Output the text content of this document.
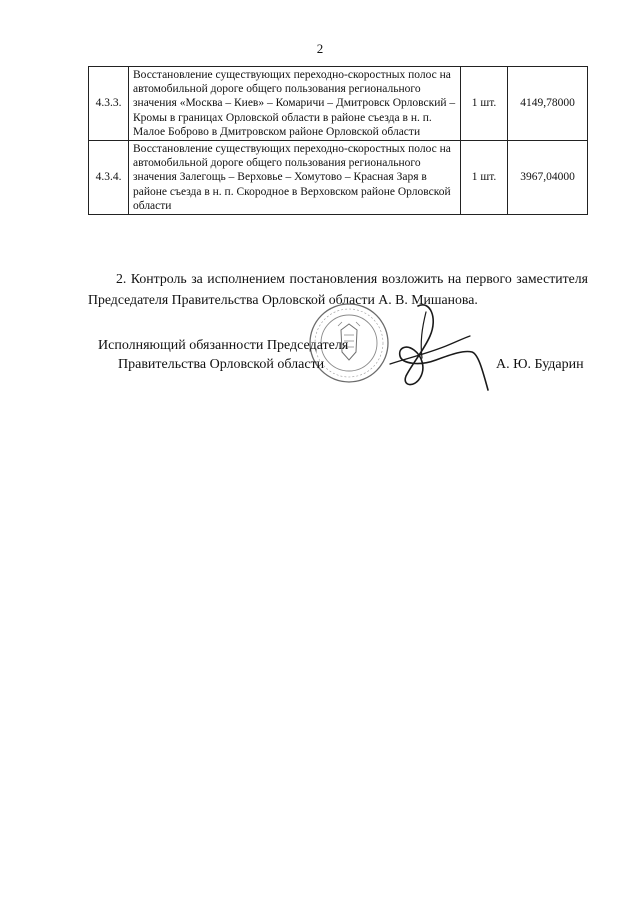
2
4.3.3.	Восстановление существующих переходно-скоростных полос на автомобильной дороге общего пользования регионального значения «Москва – Киев» – Комаричи – Дмитровск Орловский – Кромы в границах Орловской области в районе съезда в н. п. Малое Боброво в Дмитровском районе Орловской области	1 шт.	4149,78000
4.3.4.	Восстановление существующих переходно-скоростных полос на автомобильной дороге общего пользования регионального значения Залегощь – Верховье – Хомутово – Красная Заря в районе съезда в н. п. Скородное в Верховском районе Орловской области	1 шт.	3967,04000

2. Контроль за исполнением постановления возложить на первого заместителя Председателя Правительства Орловской области А. В. Мишанова.

Исполняющий обязанности Председателя
Правительства Орловской области	А. Ю. Бударин
